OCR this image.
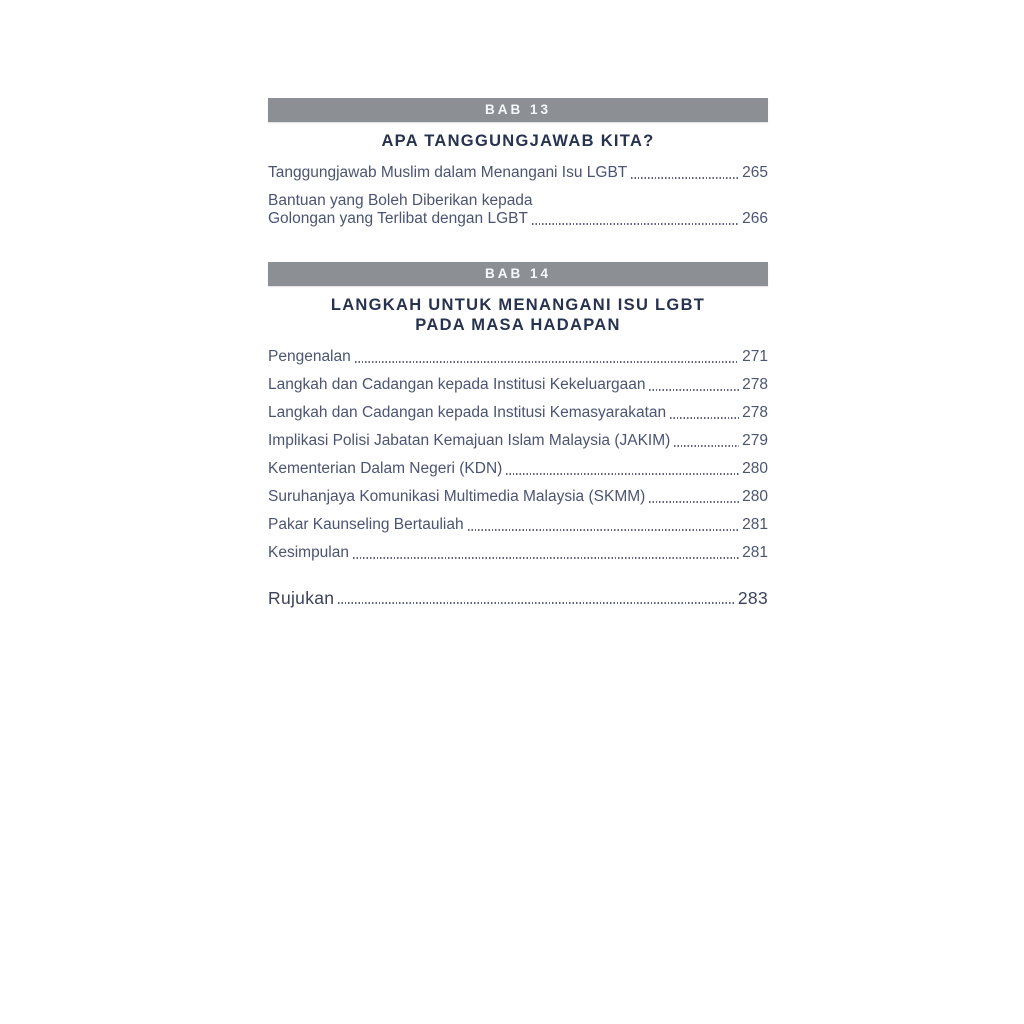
BAB 13
APA TANGGUNGJAWAB KITA?
Tanggungjawab Muslim dalam Menangani Isu LGBT	265
Bantuan yang Boleh Diberikan kepada
Golongan yang Terlibat dengan LGBT	266
BAB 14
LANGKAH UNTUK MENANGANI ISU LGBT
PADA MASA HADAPAN
Pengenalan	271
Langkah dan Cadangan kepada Institusi Kekeluargaan	278
Langkah dan Cadangan kepada Institusi Kemasyarakatan	278
Implikasi Polisi Jabatan Kemajuan Islam Malaysia (JAKIM)	279
Kementerian Dalam Negeri (KDN)	280
Suruhanjaya Komunikasi Multimedia Malaysia (SKMM)	280
Pakar Kaunseling Bertauliah	281
Kesimpulan	281
Rujukan	283
